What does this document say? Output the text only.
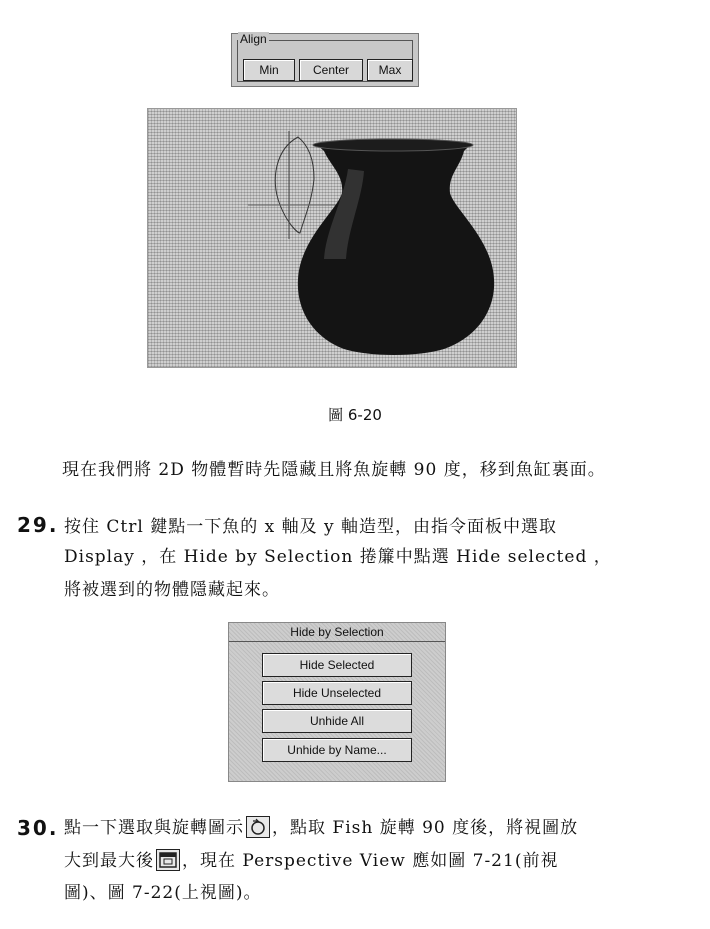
Align
Min	Center	Max
圖 6-20
現在我們將 2D 物體暫時先隱藏且將魚旋轉 90 度，移到魚缸裏面。
29. 按住 Ctrl 鍵點一下魚的 x 軸及 y 軸造型，由指令面板中選取
Display ，在 Hide by Selection 捲簾中點選 Hide selected ，
將被選到的物體隱藏起來。
Hide by Selection
Hide Selected
Hide Unselected
Unhide All
Unhide by Name...
30. 點一下選取與旋轉圖示 ，點取 Fish 旋轉 90 度後，將視圖放
大到最大後 ，現在 Perspective View 應如圖 7-21(前視
圖)、圖 7-22(上視圖)。
